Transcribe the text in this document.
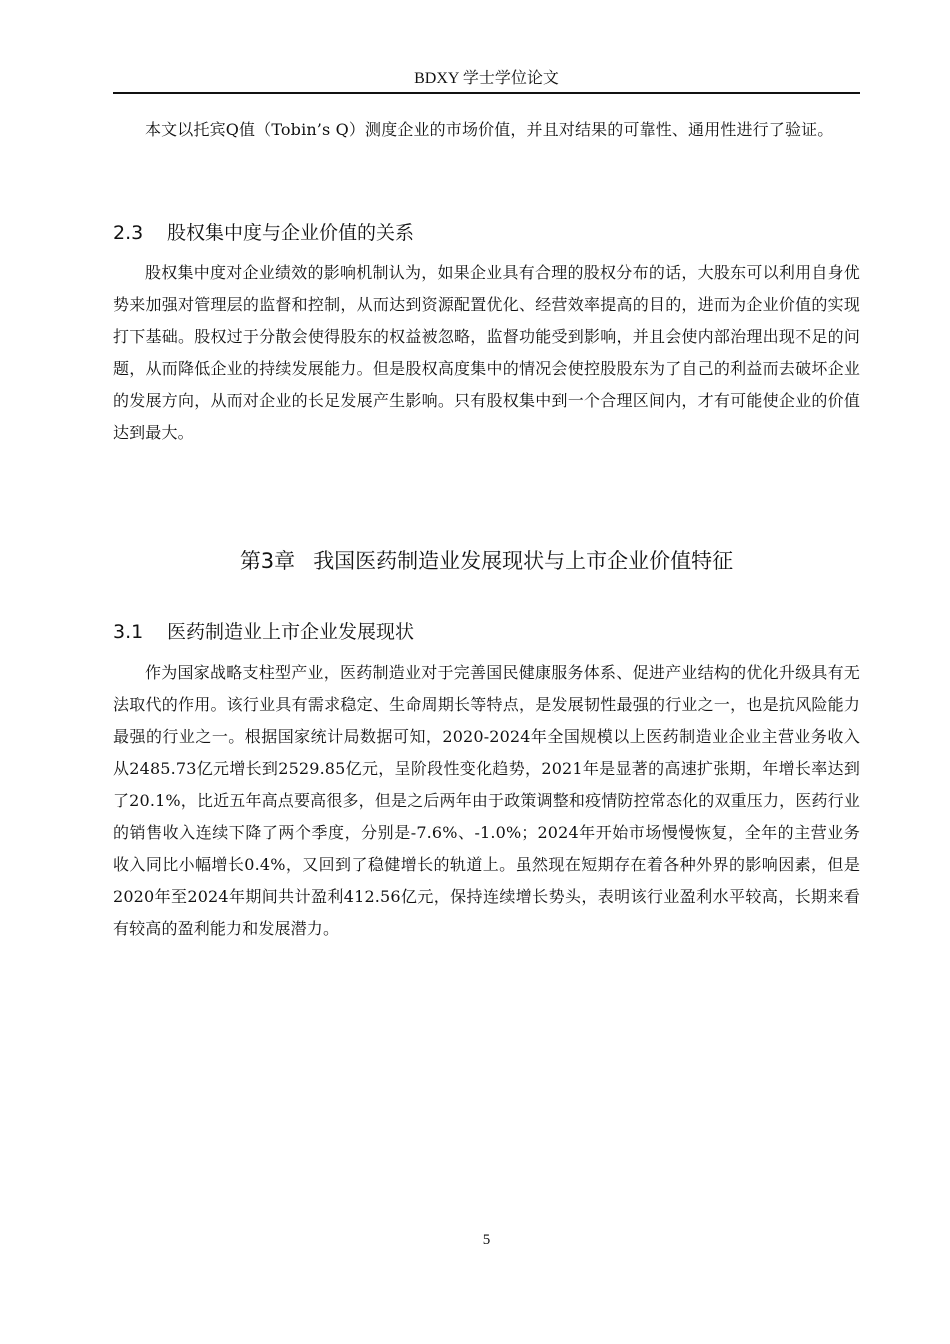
BDXY 学士学位论文

本文以托宾Q值（Tobin’s Q）测度企业的市场价值，并且对结果的可靠性、通用性进行了验证。

2.3 股权集中度与企业价值的关系

股权集中度对企业绩效的影响机制认为，如果企业具有合理的股权分布的话，大股东可以利用自身优势来加强对管理层的监督和控制，从而达到资源配置优化、经营效率提高的目的，进而为企业价值的实现打下基础。股权过于分散会使得股东的权益被忽略，监督功能受到影响，并且会使内部治理出现不足的问题，从而降低企业的持续发展能力。但是股权高度集中的情况会使控股股东为了自己的利益而去破坏企业的发展方向，从而对企业的长足发展产生影响。只有股权集中到一个合理区间内，才有可能使企业的价值达到最大。

第3章 我国医药制造业发展现状与上市企业价值特征
3.1 医药制造业上市企业发展现状

作为国家战略支柱型产业，医药制造业对于完善国民健康服务体系、促进产业结构的优化升级具有无法取代的作用。该行业具有需求稳定、生命周期长等特点，是发展韧性最强的行业之一，也是抗风险能力最强的行业之一。根据国家统计局数据可知，2020-2024年全国规模以上医药制造业企业主营业务收入从2485.73亿元增长到2529.85亿元，呈阶段性变化趋势，2021年是显著的高速扩张期，年增长率达到了20.1%，比近五年高点要高很多，但是之后两年由于政策调整和疫情防控常态化的双重压力，医药行业的销售收入连续下降了两个季度，分别是-7.6%、-1.0%；2024年开始市场慢慢恢复，全年的主营业务收入同比小幅增长0.4%，又回到了稳健增长的轨道上。虽然现在短期存在着各种外界的影响因素，但是2020年至2024年期间共计盈利412.56亿元，保持连续增长势头，表明该行业盈利水平较高，长期来看有较高的盈利能力和发展潜力。

5
